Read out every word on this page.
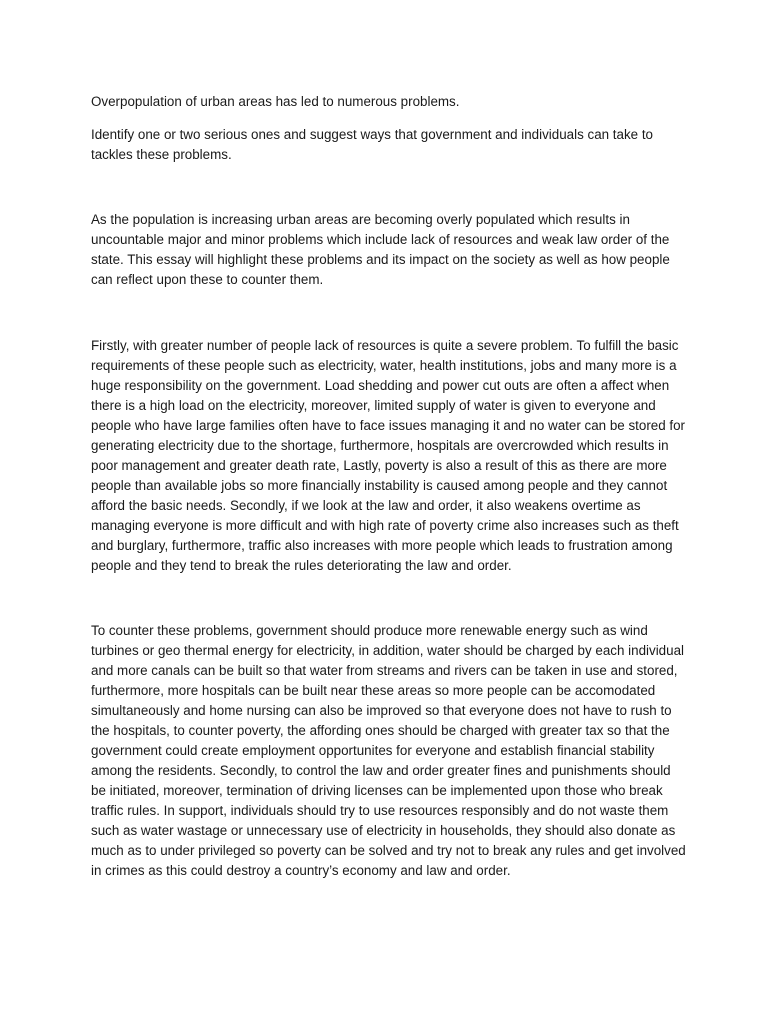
Overpopulation of urban areas has led to numerous problems.

Identify one or two serious ones and suggest ways that government and individuals can take to tackles these problems.

As the population is increasing urban areas are becoming overly populated which results in uncountable major and minor problems which include lack of resources and weak law order of the state. This essay will highlight these problems and its impact on the society as well as how people can reflect upon these to counter them.

Firstly, with greater number of people lack of resources is quite a severe problem. To fulfill the basic requirements of these people such as electricity, water, health institutions, jobs and many more is a huge responsibility on the government. Load shedding and power cut outs are often a affect when there is a high load on the electricity, moreover, limited supply of water is given to everyone and people who have large families often have to face issues managing it and no water can be stored for generating electricity due to the shortage, furthermore, hospitals are overcrowded which results in poor management and greater death rate, Lastly, poverty is also a result of this as there are more people than available jobs so more financially instability is caused among people and they cannot afford the basic needs. Secondly, if we look at the law and order, it also weakens overtime as managing everyone is more difficult and with high rate of poverty crime also increases such as theft and burglary, furthermore, traffic also increases with more people which leads to frustration among people and they tend to break the rules deteriorating the law and order.

To counter these problems, government should produce more renewable energy such as wind turbines or geo thermal energy for electricity, in addition, water should be charged by each individual and more canals can be built so that water from streams and rivers can be taken in use and stored, furthermore, more hospitals can be built near these areas so more people can be accomodated simultaneously and home nursing can also be improved so that everyone does not have to rush to the hospitals, to counter poverty, the affording ones should be charged with greater tax so that the government could create employment opportunites for everyone and establish financial stability among the residents. Secondly, to control the law and order greater fines and punishments should be initiated, moreover, termination of driving licenses can be implemented upon those who break traffic rules. In support, individuals should try to use resources responsibly and do not waste them such as water wastage or unnecessary use of electricity in households, they should also donate as much as to under privileged so poverty can be solved and try not to break any rules and get involved in crimes as this could destroy a country’s economy and law and order.
